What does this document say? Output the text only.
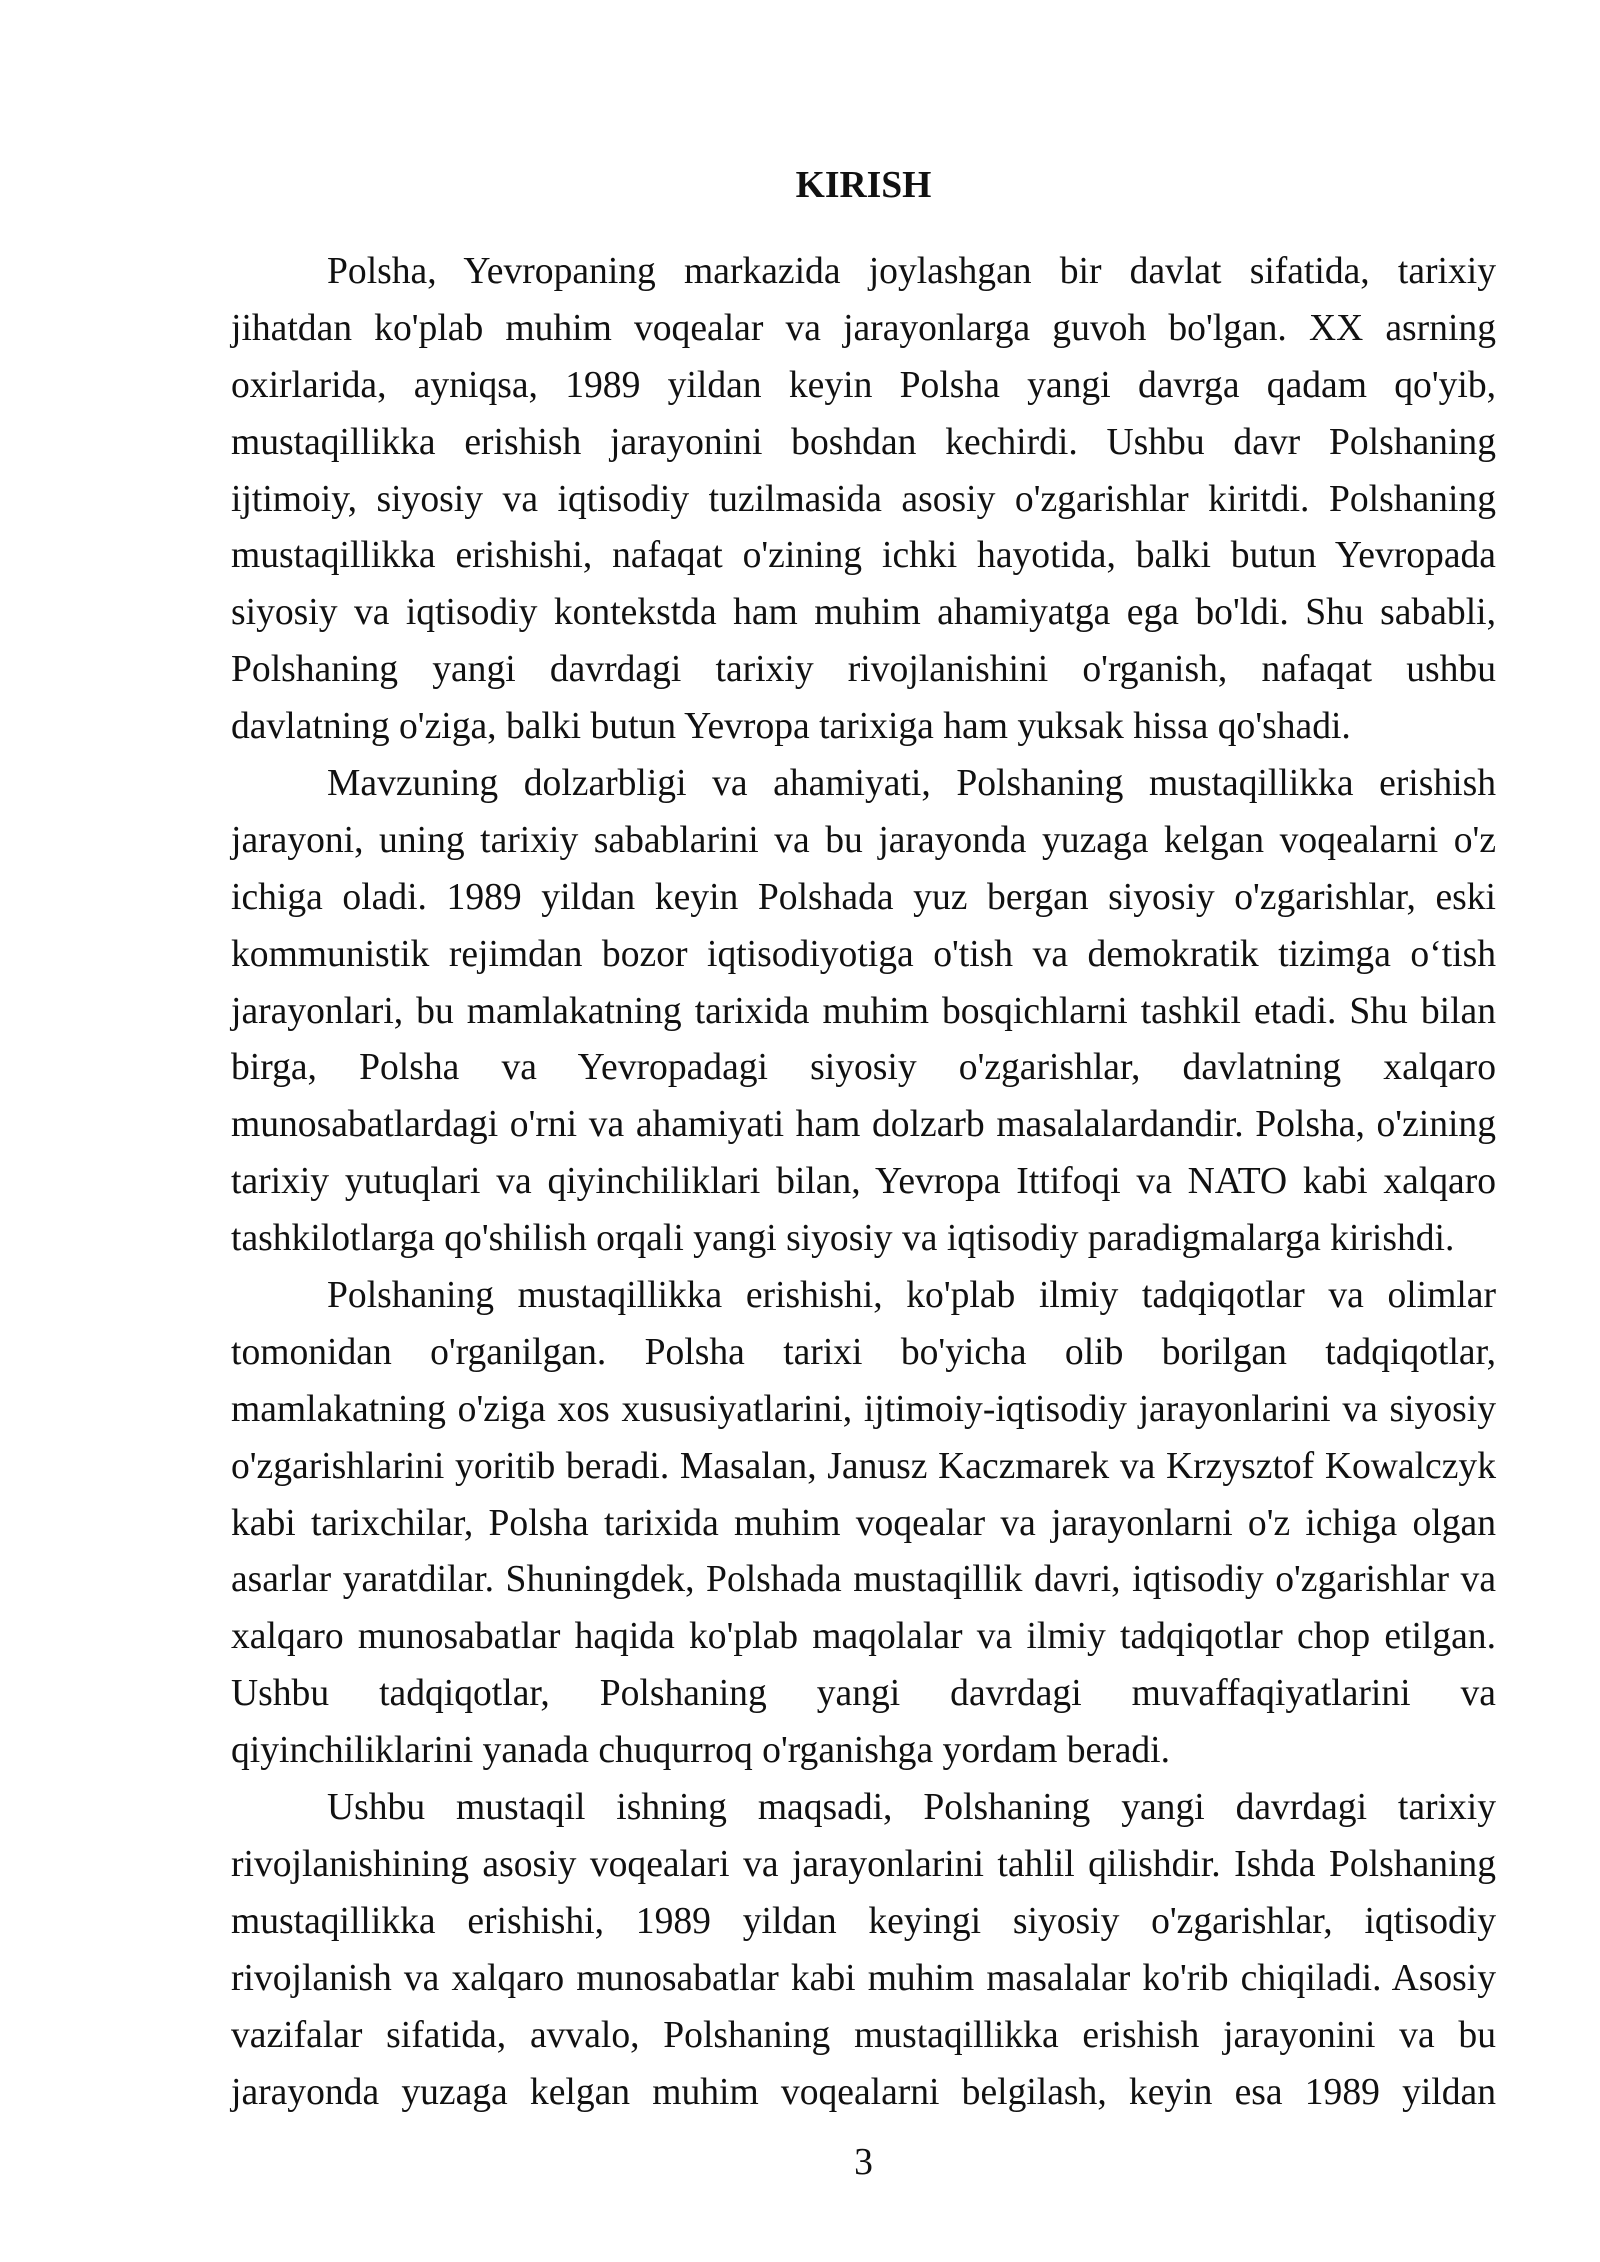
KIRISH
Polsha, Yevropaning markazida joylashgan bir davlat sifatida, tarixiy
jihatdan ko'plab muhim voqealar va jarayonlarga guvoh bo'lgan. XX asrning
oxirlarida, ayniqsa, 1989 yildan keyin Polsha yangi davrga qadam qo'yib,
mustaqillikka erishish jarayonini boshdan kechirdi. Ushbu davr Polshaning
ijtimoiy, siyosiy va iqtisodiy tuzilmasida asosiy o'zgarishlar kiritdi. Polshaning
mustaqillikka erishishi, nafaqat o'zining ichki hayotida, balki butun Yevropada
siyosiy va iqtisodiy kontekstda ham muhim ahamiyatga ega bo'ldi. Shu sababli,
Polshaning yangi davrdagi tarixiy rivojlanishini o'rganish, nafaqat ushbu
davlatning o'ziga, balki butun Yevropa tarixiga ham yuksak hissa qo'shadi.
Mavzuning dolzarbligi va ahamiyati, Polshaning mustaqillikka erishish
jarayoni, uning tarixiy sabablarini va bu jarayonda yuzaga kelgan voqealarni o'z
ichiga oladi. 1989 yildan keyin Polshada yuz bergan siyosiy o'zgarishlar, eski
kommunistik rejimdan bozor iqtisodiyotiga o'tish va demokratik tizimga o‘tish
jarayonlari, bu mamlakatning tarixida muhim bosqichlarni tashkil etadi. Shu bilan
birga, Polsha va Yevropadagi siyosiy o'zgarishlar, davlatning xalqaro
munosabatlardagi o'rni va ahamiyati ham dolzarb masalalardandir. Polsha, o'zining
tarixiy yutuqlari va qiyinchiliklari bilan, Yevropa Ittifoqi va NATO kabi xalqaro
tashkilotlarga qo'shilish orqali yangi siyosiy va iqtisodiy paradigmalarga kirishdi.
Polshaning mustaqillikka erishishi, ko'plab ilmiy tadqiqotlar va olimlar
tomonidan o'rganilgan. Polsha tarixi bo'yicha olib borilgan tadqiqotlar,
mamlakatning o'ziga xos xususiyatlarini, ijtimoiy-iqtisodiy jarayonlarini va siyosiy
o'zgarishlarini yoritib beradi. Masalan, Janusz Kaczmarek va Krzysztof Kowalczyk
kabi tarixchilar, Polsha tarixida muhim voqealar va jarayonlarni o'z ichiga olgan
asarlar yaratdilar. Shuningdek, Polshada mustaqillik davri, iqtisodiy o'zgarishlar va
xalqaro munosabatlar haqida ko'plab maqolalar va ilmiy tadqiqotlar chop etilgan.
Ushbu tadqiqotlar, Polshaning yangi davrdagi muvaffaqiyatlarini va
qiyinchiliklarini yanada chuqurroq o'rganishga yordam beradi.
Ushbu mustaqil ishning maqsadi, Polshaning yangi davrdagi tarixiy
rivojlanishining asosiy voqealari va jarayonlarini tahlil qilishdir. Ishda Polshaning
mustaqillikka erishishi, 1989 yildan keyingi siyosiy o'zgarishlar, iqtisodiy
rivojlanish va xalqaro munosabatlar kabi muhim masalalar ko'rib chiqiladi. Asosiy
vazifalar sifatida, avvalo, Polshaning mustaqillikka erishish jarayonini va bu
jarayonda yuzaga kelgan muhim voqealarni belgilash, keyin esa 1989 yildan
3
